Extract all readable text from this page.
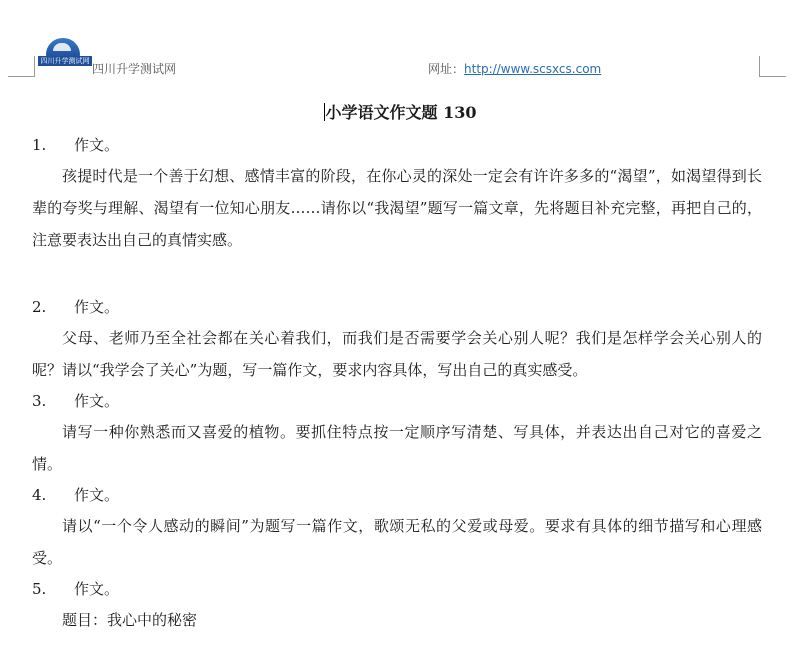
四川升学测试网
四川升学测试网	网址：http://www.scsxcs.com
小学语文作文题 130
1. 作文。

孩提时代是一个善于幻想、感情丰富的阶段，在你心灵的深处一定会有许许多多的“渴望”，如渴望得到长辈的夸奖与理解、渴望有一位知心朋友……请你以“我渴望”题写一篇文章，先将题目补充完整，再把自己的，注意要表达出自己的真情实感。

2. 作文。

父母、老师乃至全社会都在关心着我们，而我们是否需要学会关心别人呢？我们是怎样学会关心别人的呢？请以“我学会了关心”为题，写一篇作文，要求内容具体，写出自己的真实感受。

3. 作文。

请写一种你熟悉而又喜爱的植物。要抓住特点按一定顺序写清楚、写具体，并表达出自己对它的喜爱之情。

4. 作文。

请以“一个令人感动的瞬间”为题写一篇作文，歌颂无私的父爱或母爱。要求有具体的细节描写和心理感受。

5. 作文。

题目：我心中的秘密
